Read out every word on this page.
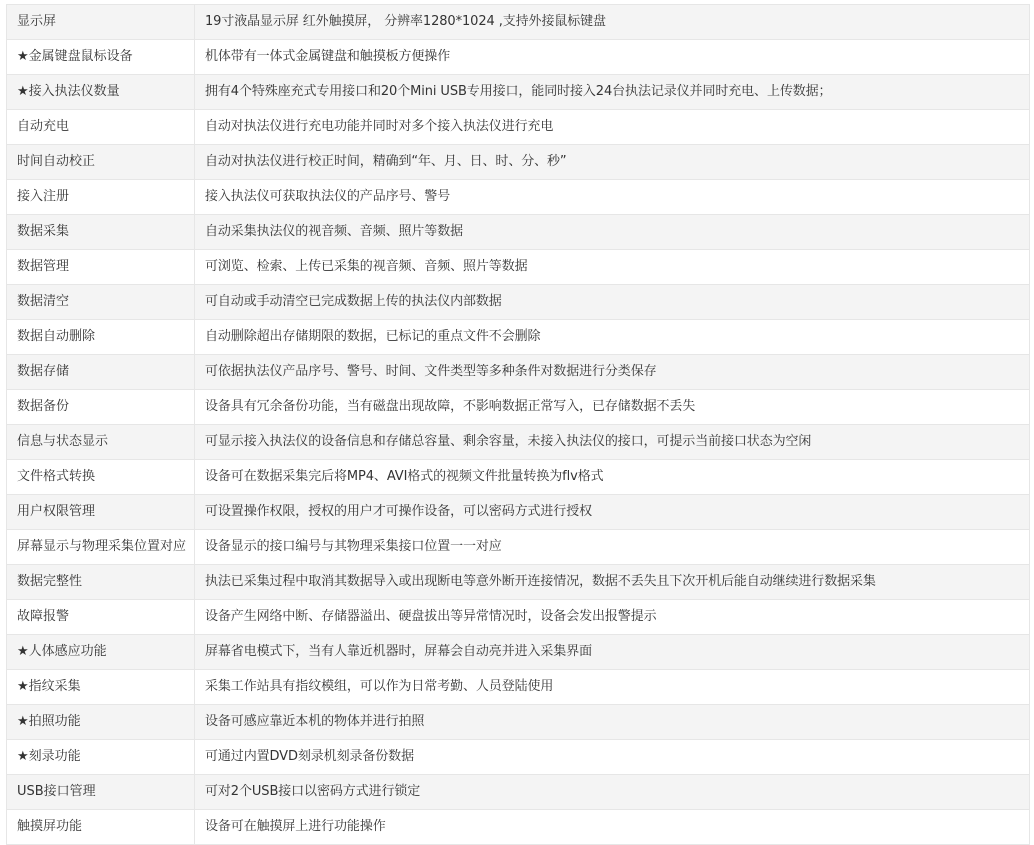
显示屏	19寸液晶显示屏 红外触摸屏， 分辨率1280*1024 ,支持外接鼠标键盘
★金属键盘鼠标设备	机体带有一体式金属键盘和触摸板方便操作
★接入执法仪数量	拥有4个特殊座充式专用接口和20个Mini USB专用接口，能同时接入24台执法记录仪并同时充电、上传数据；
自动充电	自动对执法仪进行充电功能并同时对多个接入执法仪进行充电
时间自动校正	自动对执法仪进行校正时间，精确到“年、月、日、时、分、秒”
接入注册	接入执法仪可获取执法仪的产品序号、警号
数据采集	自动采集执法仪的视音频、音频、照片等数据
数据管理	可浏览、检索、上传已采集的视音频、音频、照片等数据
数据清空	可自动或手动清空已完成数据上传的执法仪内部数据
数据自动删除	自动删除超出存储期限的数据，已标记的重点文件不会删除
数据存储	可依据执法仪产品序号、警号、时间、文件类型等多种条件对数据进行分类保存
数据备份	设备具有冗余备份功能，当有磁盘出现故障，不影响数据正常写入，已存储数据不丢失
信息与状态显示	可显示接入执法仪的设备信息和存储总容量、剩余容量，未接入执法仪的接口，可提示当前接口状态为空闲
文件格式转换	设备可在数据采集完后将MP4、AVI格式的视频文件批量转换为flv格式
用户权限管理	可设置操作权限，授权的用户才可操作设备，可以密码方式进行授权
屏幕显示与物理采集位置对应	设备显示的接口编号与其物理采集接口位置一一对应
数据完整性	执法已采集过程中取消其数据导入或出现断电等意外断开连接情况，数据不丢失且下次开机后能自动继续进行数据采集
故障报警	设备产生网络中断、存储器溢出、硬盘拔出等异常情况时，设备会发出报警提示
★人体感应功能	屏幕省电模式下，当有人靠近机器时，屏幕会自动亮并进入采集界面
★指纹采集	采集工作站具有指纹模组，可以作为日常考勤、人员登陆使用
★拍照功能	设备可感应靠近本机的物体并进行拍照
★刻录功能	可通过内置DVD刻录机刻录备份数据
USB接口管理	可对2个USB接口以密码方式进行锁定
触摸屏功能	设备可在触摸屏上进行功能操作
